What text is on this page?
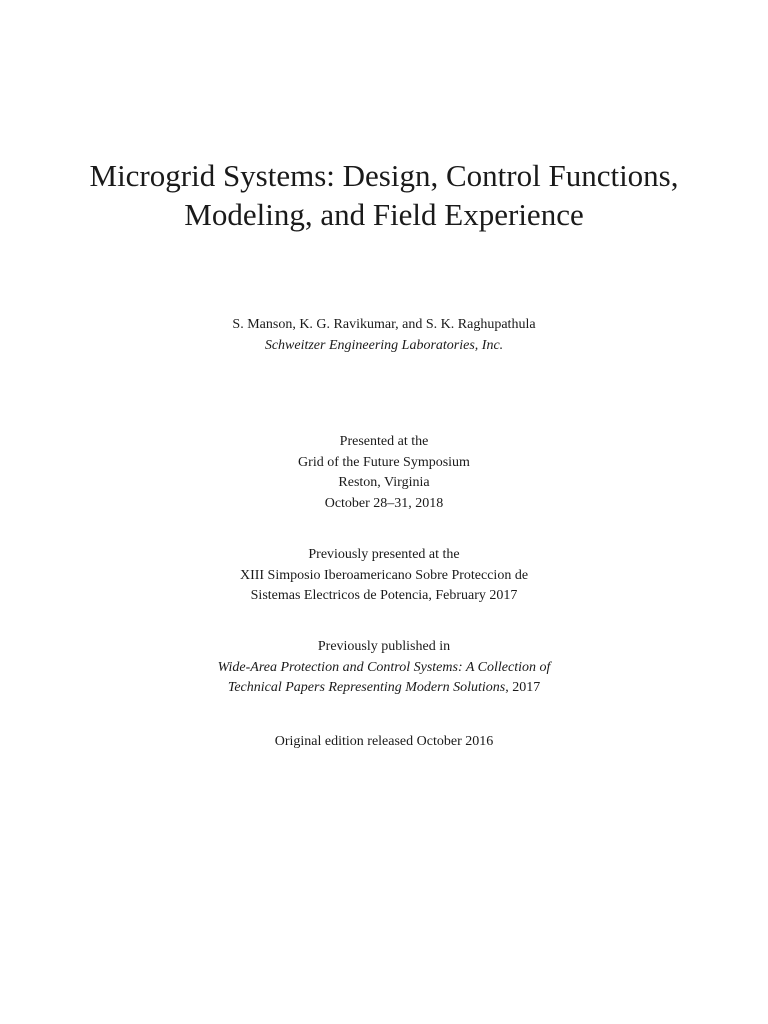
Microgrid Systems: Design, Control Functions,
Modeling, and Field Experience
S. Manson, K. G. Ravikumar, and S. K. Raghupathula
Schweitzer Engineering Laboratories, Inc.
Presented at the
Grid of the Future Symposium
Reston, Virginia
October 28–31, 2018
Previously presented at the
XIII Simposio Iberoamericano Sobre Proteccion de
Sistemas Electricos de Potencia, February 2017
Previously published in
Wide-Area Protection and Control Systems: A Collection of
Technical Papers Representing Modern Solutions, 2017
Original edition released October 2016
